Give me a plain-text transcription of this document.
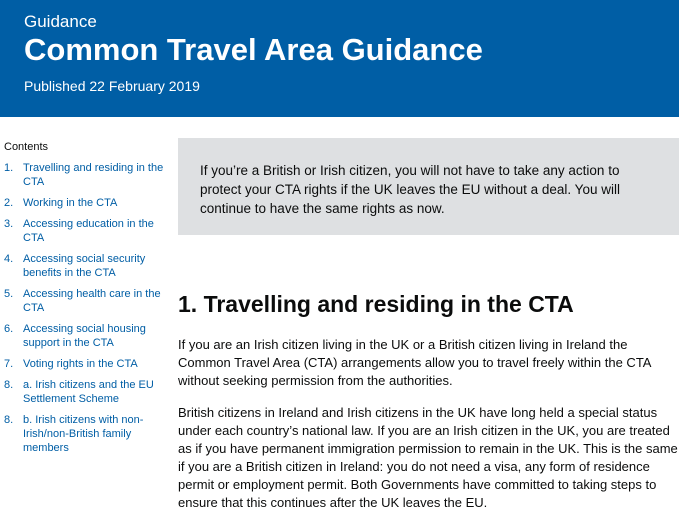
Guidance
Common Travel Area Guidance
Published 22 February 2019
Contents
1. Travelling and residing in the CTA
2. Working in the CTA
3. Accessing education in the CTA
4. Accessing social security benefits in the CTA
5. Accessing health care in the CTA
6. Accessing social housing support in the CTA
7. Voting rights in the CTA
8. a. Irish citizens and the EU Settlement Scheme
8. b. Irish citizens with non-Irish/non-British family members
If you’re a British or Irish citizen, you will not have to take any action to protect your CTA rights if the UK leaves the EU without a deal. You will continue to have the same rights as now.
1. Travelling and residing in the CTA

If you are an Irish citizen living in the UK or a British citizen living in Ireland the Common Travel Area (CTA) arrangements allow you to travel freely within the CTA without seeking permission from the authorities.

British citizens in Ireland and Irish citizens in the UK have long held a special status under each country’s national law. If you are an Irish citizen in the UK, you are treated as if you have permanent immigration permission to remain in the UK. This is the same if you are a British citizen in Ireland: you do not need a visa, any form of residence permit or employment permit. Both Governments have committed to taking steps to ensure that this continues after the UK leaves the EU.
